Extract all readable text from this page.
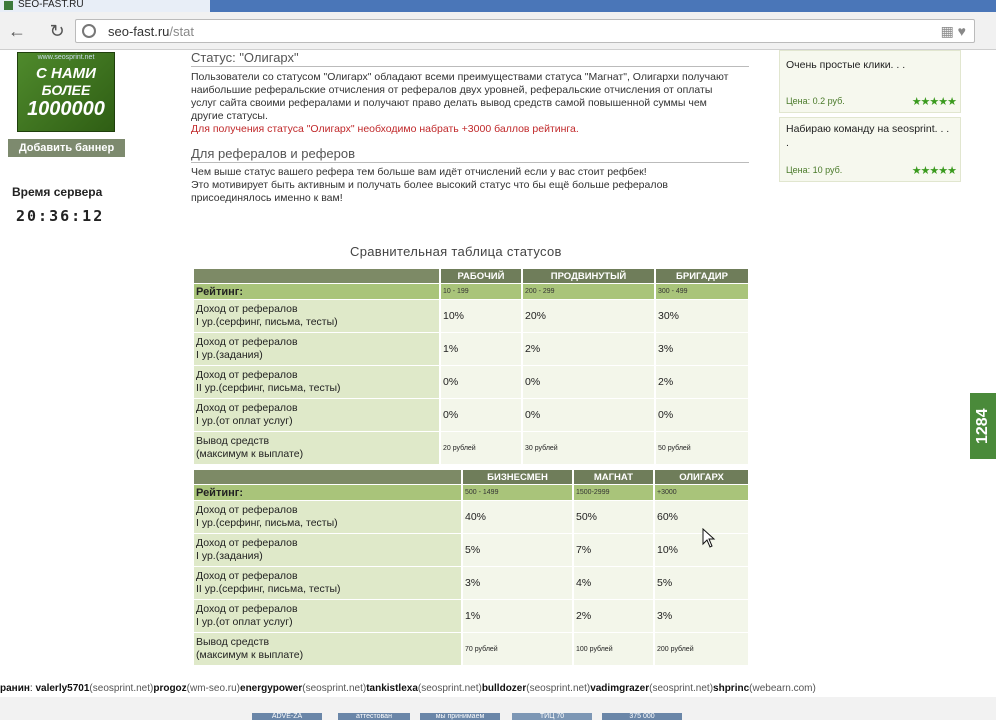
SEO-FAST.RU
← ↻	seo-fast.ru/stat	▦ ♥
www.seosprint.net
С НАМИ
БОЛЕЕ
1000000
Добавить баннер
Время сервера
20:36:12
Статус: "Олигарх"
Пользователи со статусом "Олигарх" обладают всеми преимуществами статуса "Магнат", Олигархи получают наибольшие реферальские отчисления от рефералов двух уровней, реферальские отчисления от оплаты услуг сайта своими рефералами и получают право делать вывод средств самой повышенной суммы чем другие статусы.
Для получения статуса "Олигарх" необходимо набрать +3000 баллов рейтинга.
Для рефералов и реферов
Чем выше статус вашего рефера тем больше вам идёт отчислений если у вас стоит рефбек!
Это мотивирует быть активным и получать более высокий статус что бы ещё больше рефералов присоединялось именно к вам!
Сравнительная таблица статусов
	РАБОЧИЙ	ПРОДВИНУТЫЙ	БРИГАДИР
Рейтинг:	10 - 199	200 - 299	300 - 499

Доход от рефералов
I ур.(серфинг, письма, тесты)	10%	20%	30%

Доход от рефералов
I ур.(задания)	1%	2%	3%

Доход от рефералов
II ур.(серфинг, письма, тесты)	0%	0%	2%

Доход от рефералов
I ур.(от оплат услуг)	0%	0%	0%

Вывод средств
(максимум к выплате)	20 рублей	30 рублей	50 рублей
	БИЗНЕСМЕН	МАГНАТ	ОЛИГАРХ
Рейтинг:	500 - 1499	1500-2999	+3000

Доход от рефералов
I ур.(серфинг, письма, тесты)	40%	50%	60%

Доход от рефералов
I ур.(задания)	5%	7%	10%

Доход от рефералов
II ур.(серфинг, письма, тесты)	3%	4%	5%

Доход от рефералов
I ур.(от оплат услуг)	1%	2%	3%

Вывод средств
(максимум к выплате)	70 рублей	100 рублей	200 рублей
Очень простые клики. . .
Цена: 0.2 руб.	★★★★★
Набираю команду на seosprint. . . .
Цена: 10 руб.	★★★★★
1284
ранин: valerly5701(seosprint.net)progoz(wm-seo.ru)energypower(seosprint.net)tankistlexa(seosprint.net)bulldozer(seosprint.net)vadimgrazer(seosprint.net)shprinc(webearn.com)
ADVE-ZA	аттестован	мы принимаем	ТИЦ 70	375 000
